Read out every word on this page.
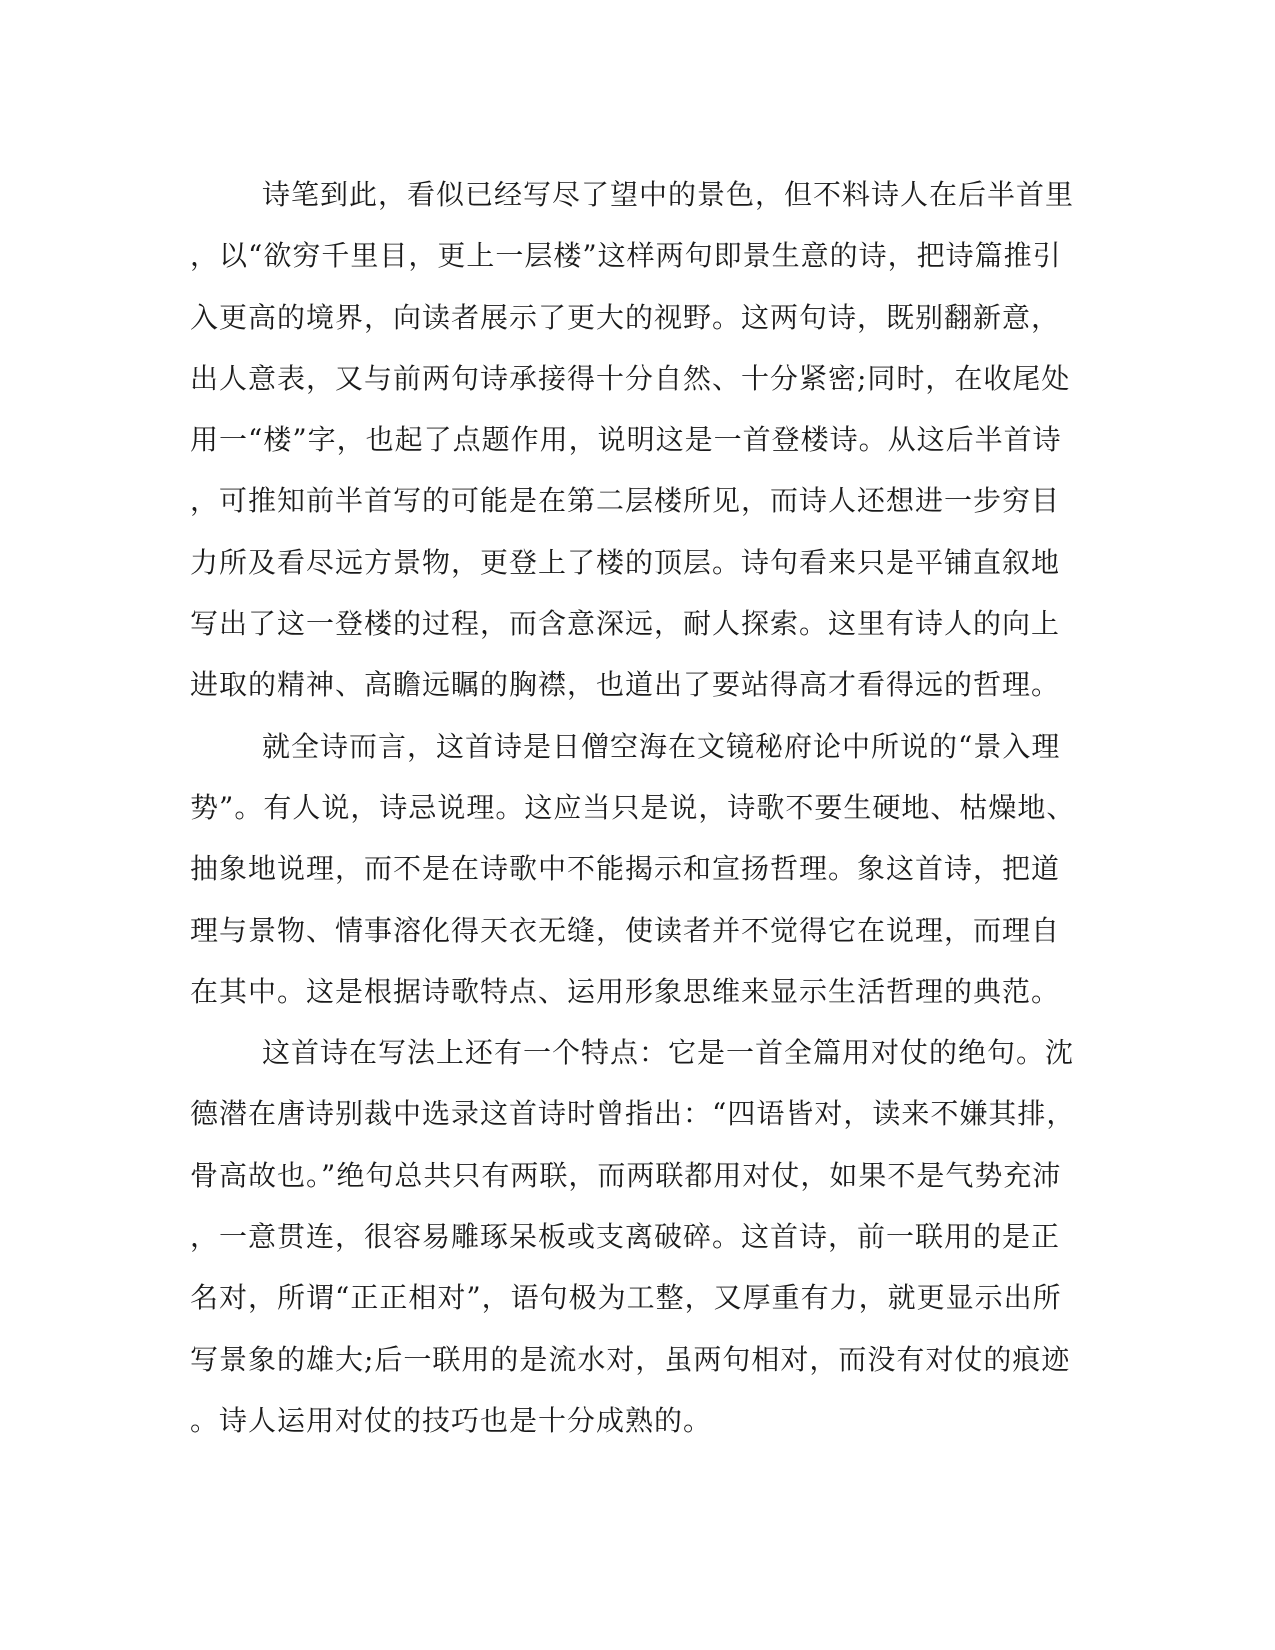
诗笔到此，看似已经写尽了望中的景色，但不料诗人在后半首里
，以“欲穷千里目，更上一层楼”这样两句即景生意的诗，把诗篇推引
入更高的境界，向读者展示了更大的视野。这两句诗，既别翻新意，
出人意表，又与前两句诗承接得十分自然、十分紧密;同时，在收尾处
用一“楼”字，也起了点题作用，说明这是一首登楼诗。从这后半首诗
，可推知前半首写的可能是在第二层楼所见，而诗人还想进一步穷目
力所及看尽远方景物，更登上了楼的顶层。诗句看来只是平铺直叙地
写出了这一登楼的过程，而含意深远，耐人探索。这里有诗人的向上
进取的精神、高瞻远瞩的胸襟，也道出了要站得高才看得远的哲理。
就全诗而言，这首诗是日僧空海在文镜秘府论中所说的“景入理
势”。有人说，诗忌说理。这应当只是说，诗歌不要生硬地、枯燥地、
抽象地说理，而不是在诗歌中不能揭示和宣扬哲理。象这首诗，把道
理与景物、情事溶化得天衣无缝，使读者并不觉得它在说理，而理自
在其中。这是根据诗歌特点、运用形象思维来显示生活哲理的典范。
这首诗在写法上还有一个特点：它是一首全篇用对仗的绝句。沈
德潜在唐诗别裁中选录这首诗时曾指出：“四语皆对，读来不嫌其排，
骨高故也。”绝句总共只有两联，而两联都用对仗，如果不是气势充沛
，一意贯连，很容易雕琢呆板或支离破碎。这首诗，前一联用的是正
名对，所谓“正正相对”，语句极为工整，又厚重有力，就更显示出所
写景象的雄大;后一联用的是流水对，虽两句相对，而没有对仗的痕迹
。诗人运用对仗的技巧也是十分成熟的。
